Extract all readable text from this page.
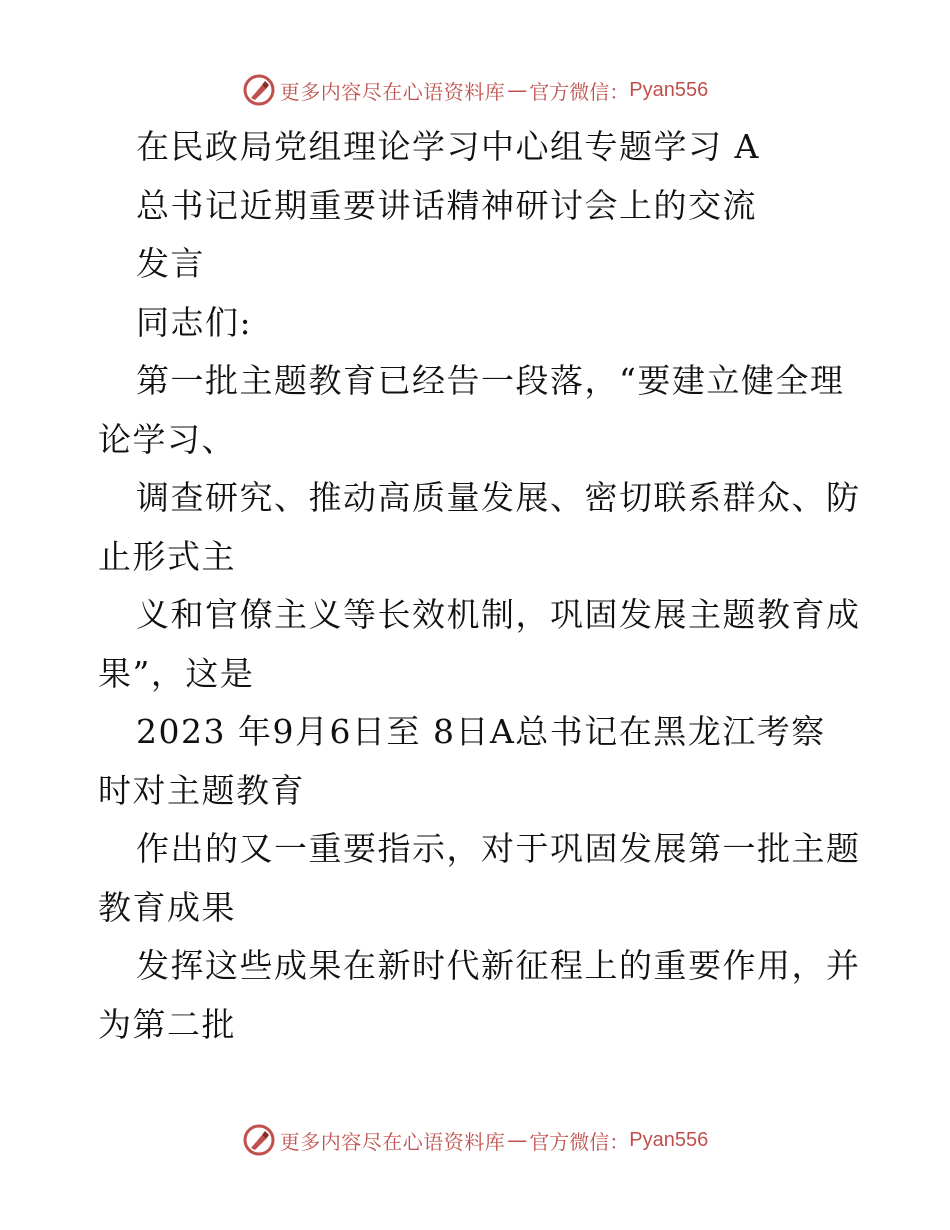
更多内容尽在心语资料库 — 官方微信： Pyan556
在民政局党组理论学习中心组专题学习 A
总书记近期重要讲话精神研讨会上的交流
发言
同志们:
第一批主题教育已经告一段落，“要建立健全理
论学习、
调查研究、推动高质量发展、密切联系群众、防
止形式主
义和官僚主义等长效机制，巩固发展主题教育成
果”，这是
2023 年9月6日至 8日A总书记在黑龙江考察
时对主题教育
作出的又一重要指示，对于巩固发展第一批主题
教育成果
发挥这些成果在新时代新征程上的重要作用，并
为第二批
更多内容尽在心语资料库 — 官方微信： Pyan556
